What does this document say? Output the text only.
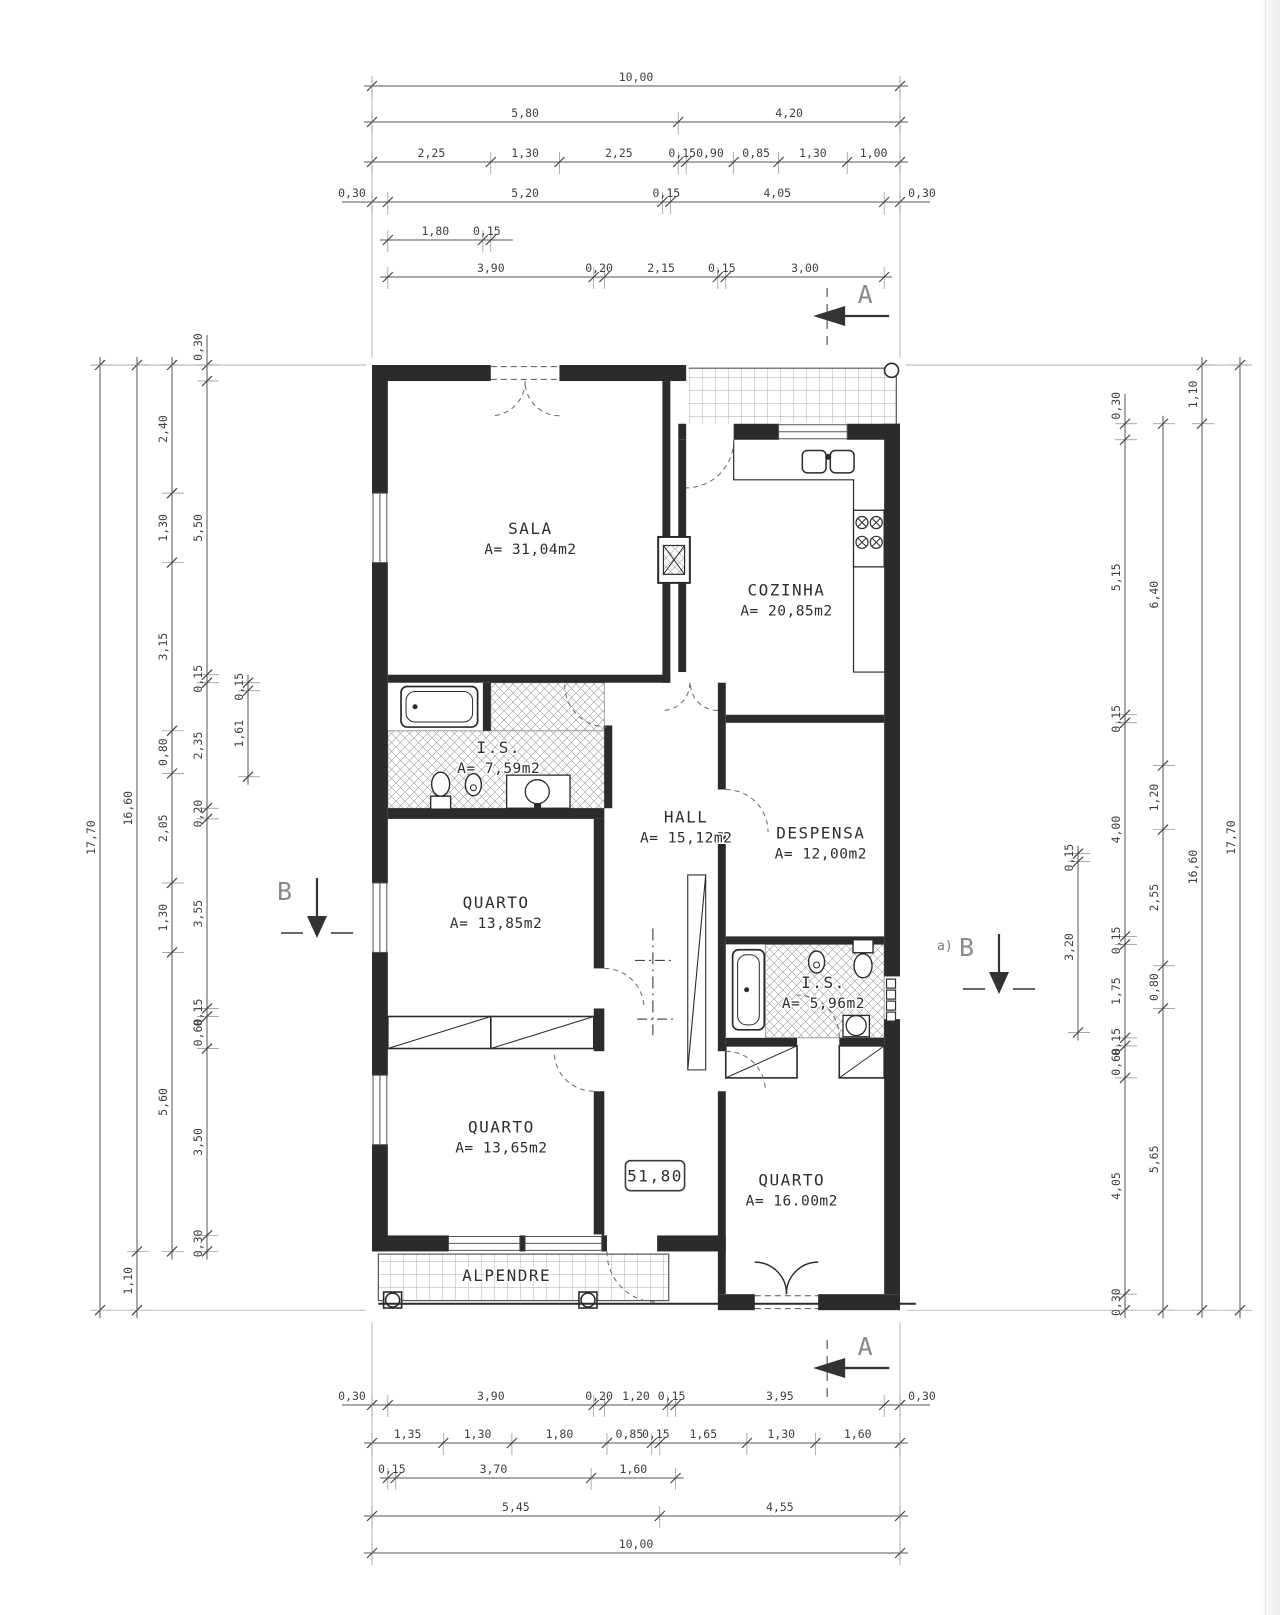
10,00
5,80	4,20
2,25	1,30	2,25	0,15 0,90 0,85	1,30	1,00
0,30	5,20	0,15	4,05	0,30
1,80 0,15
3,90	0,20	2,15	0,15	3,00
0,30	3,90	0,20 1,20 0,15	3,95	0,30
1,35	1,30	1,80	0,85
0,15 1,65	1,30	1,60
0,15	3,70	1,60
5,45	4,55
10,00
17,70
16,60
1,10
2,40
1,30
3,15
0,80
2,05
1,30
5,60
0,30
5,50
0,15
2,35
0,20
3,55
0,15
0,60
3,50
0,30
0,15
1,61
17,70
1,10
16,60
6,40
1,20
2,55
0,80
5,65
0,30
5,15
0,15
4,00
0,15
1,75
0,15
0,60
4,05
0,30
0,15
3,20
SALA
A= 31,04m2
COZINHA
A= 20,85m2
I.S.
A= 7,59m2
HALL
A= 15,12m2	DESPENSA
A= 12,00m2
QUARTO
A= 13,85m2
I.S.
A= 5,96m2
QUARTO
A= 13,65m2
QUARTO
A= 16.00m2
ALPENDRE
51,80
A
A
B
a) B
